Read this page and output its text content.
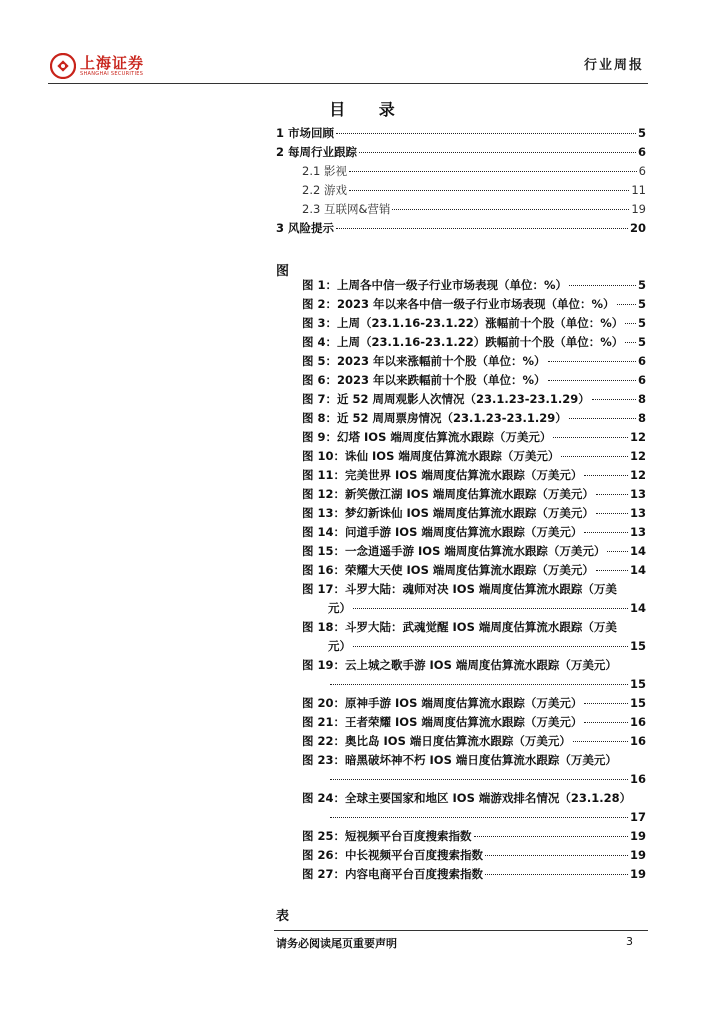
上海证券
SHANGHAI SECURITIES
行业周报
目 录
1 市场回顾	5
2 每周行业跟踪	6
2.1 影视	6
2.2 游戏	11
2.3 互联网&营销	19
3 风险提示	20
图
图 1：上周各中信一级子行业市场表现（单位：%）	5
图 2：2023 年以来各中信一级子行业市场表现（单位：%） 5
图 3：上周（23.1.16-23.1.22）涨幅前十个股（单位：%） 5
图 4：上周（23.1.16-23.1.22）跌幅前十个股（单位：%） 5
图 5：2023 年以来涨幅前十个股（单位：%）	6
图 6：2023 年以来跌幅前十个股（单位：%）	6
图 7：近 52 周周观影人次情况（23.1.23-23.1.29）	8
图 8：近 52 周周票房情况（23.1.23-23.1.29）	8
图 9：幻塔 IOS 端周度估算流水跟踪（万美元）	12
图 10：诛仙 IOS 端周度估算流水跟踪（万美元）	12
图 11：完美世界 IOS 端周度估算流水跟踪（万美元）	12
图 12：新笑傲江湖 IOS 端周度估算流水跟踪（万美元）	13
图 13：梦幻新诛仙 IOS 端周度估算流水跟踪（万美元）	13
图 14：问道手游 IOS 端周度估算流水跟踪（万美元）	13
图 15：一念逍遥手游 IOS 端周度估算流水跟踪（万美元） 14
图 16：荣耀大天使 IOS 端周度估算流水跟踪（万美元）	14
图 17：斗罗大陆：魂师对决 IOS 端周度估算流水跟踪（万美
元）	14
图 18：斗罗大陆：武魂觉醒 IOS 端周度估算流水跟踪（万美
元）	15
图 19：云上城之歌手游 IOS 端周度估算流水跟踪（万美元）
15
图 20：原神手游 IOS 端周度估算流水跟踪（万美元）	15
图 21：王者荣耀 IOS 端周度估算流水跟踪（万美元）	16
图 22：奥比岛 IOS 端日度估算流水跟踪（万美元）	16
图 23：暗黑破坏神不朽 IOS 端日度估算流水跟踪（万美元）
16
图 24：全球主要国家和地区 IOS 端游戏排名情况（23.1.28）
17
图 25：短视频平台百度搜索指数	19
图 26：中长视频平台百度搜索指数	19
图 27：内容电商平台百度搜索指数	19
表
请务必阅读尾页重要声明	3
